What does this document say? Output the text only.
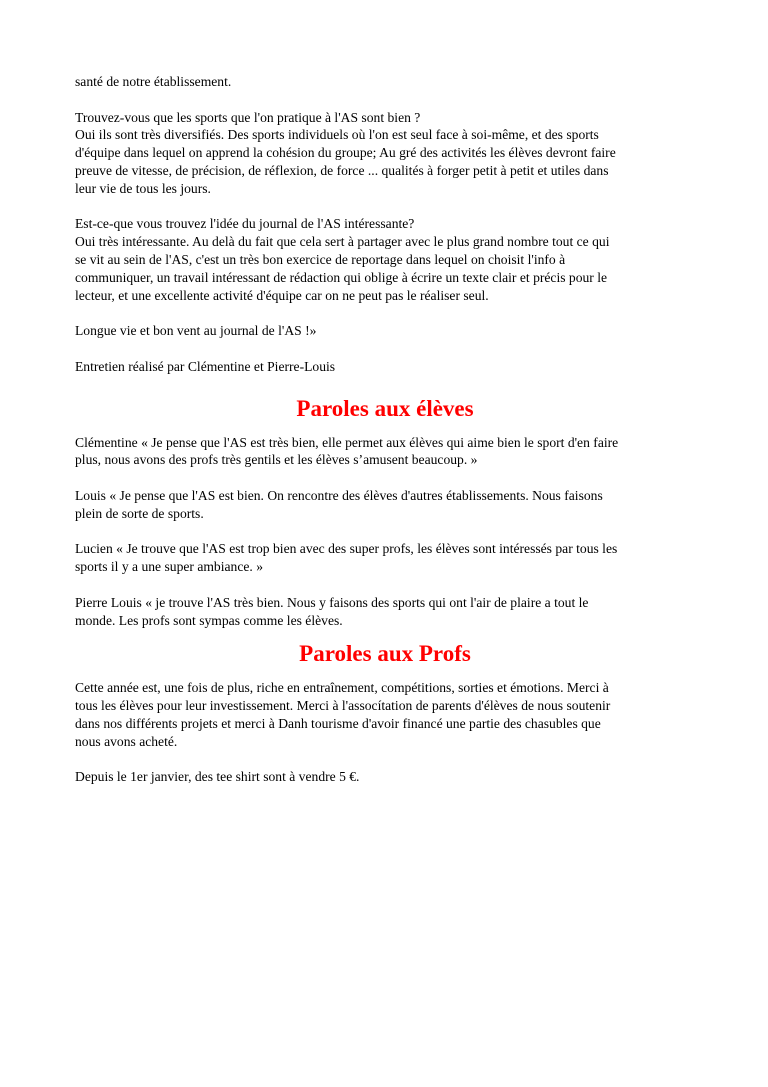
santé de notre établissement.

Trouvez-vous que les sports que l'on pratique à l'AS sont bien ?
Oui ils sont très diversifiés. Des sports individuels où l'on est seul face à soi-même, et des sports
d'équipe dans lequel on apprend la cohésion du groupe; Au gré des activités les élèves devront faire
preuve de vitesse, de précision, de réflexion, de force ... qualités à forger petit à petit et utiles dans
leur vie de tous les jours.

Est-ce-que vous trouvez l'idée du journal de l'AS intéressante?
Oui très intéressante. Au delà du fait que cela sert à partager avec le plus grand nombre tout ce qui
se vit au sein de l'AS, c'est un très bon exercice de reportage dans lequel on choisit l'info à
communiquer, un travail intéressant de rédaction qui oblige à écrire un texte clair et précis pour le
lecteur, et une excellente activité d'équipe car on ne peut pas le réaliser seul.

Longue vie et bon vent au journal de l'AS !»

Entretien réalisé par Clémentine et Pierre-Louis

Paroles aux élèves

Clémentine « Je pense que l'AS est très bien, elle permet aux élèves qui aime bien le sport d'en faire
plus, nous avons des profs très gentils et les élèves s’amusent beaucoup. »

Louis « Je pense que l'AS est bien. On rencontre des élèves d'autres établissements. Nous faisons
plein de sorte de sports.

Lucien « Je trouve que l'AS est trop bien avec des super profs, les élèves sont intéressés par tous les
sports il y a une super ambiance. »

Pierre Louis « je trouve l'AS très bien. Nous y faisons des sports qui ont l'air de plaire a tout le
monde. Les profs sont sympas comme les élèves.

Paroles aux Profs

Cette année est, une fois de plus, riche en entraînement, compétitions, sorties et émotions. Merci à
tous les élèves pour leur investissement. Merci à l'assocítation de parents d'élèves de nous soutenir
dans nos différents projets et merci à Danh tourisme d'avoir financé une partie des chasubles que
nous avons acheté.

Depuis le 1er janvier, des tee shirt sont à vendre 5 €.
